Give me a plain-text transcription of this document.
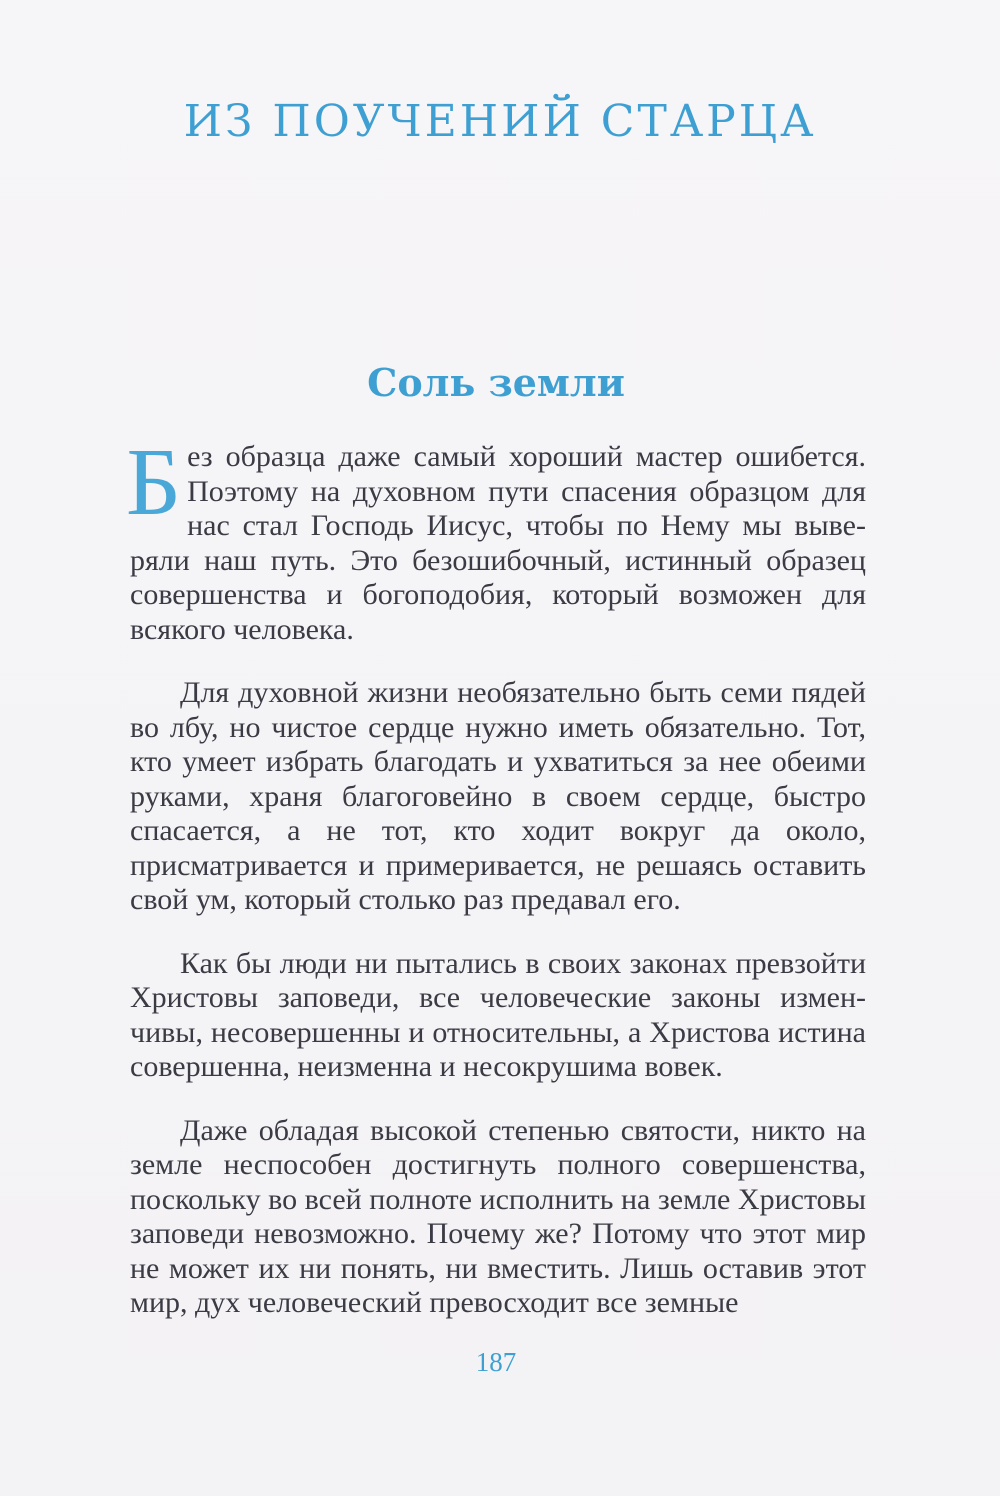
ИЗ ПОУЧЕНИЙ СТАРЦА
Соль земли

Без образца даже самый хороший мастер ошибется. Поэтому на духовном пути спасения образцом для нас стал Господь Иисус, чтобы по Нему мы выверяли наш путь. Это безошибочный, истинный образец совершенства и богоподобия, который возможен для всякого человека.

Для духовной жизни необязательно быть семи пядей во лбу, но чистое сердце нужно иметь обязательно. Тот, кто умеет избрать благодать и ухватиться за нее обеими руками, храня благоговейно в своем сердце, быстро спасается, а не тот, кто ходит вокруг да около, присматривается и примеривается, не решаясь оставить свой ум, который столько раз предавал его.

Как бы люди ни пытались в своих законах превзойти Христовы заповеди, все человеческие законы изменчивы, несовершенны и относительны, а Христова истина совершенна, неизменна и несокрушима вовек.

Даже обладая высокой степенью святости, никто на земле неспособен достигнуть полного совершенства, поскольку во всей полноте исполнить на земле Христовы заповеди невозможно. Почему же? Потому что этот мир не может их ни понять, ни вместить. Лишь оставив этот мир, дух человеческий превосходит все земные

187
